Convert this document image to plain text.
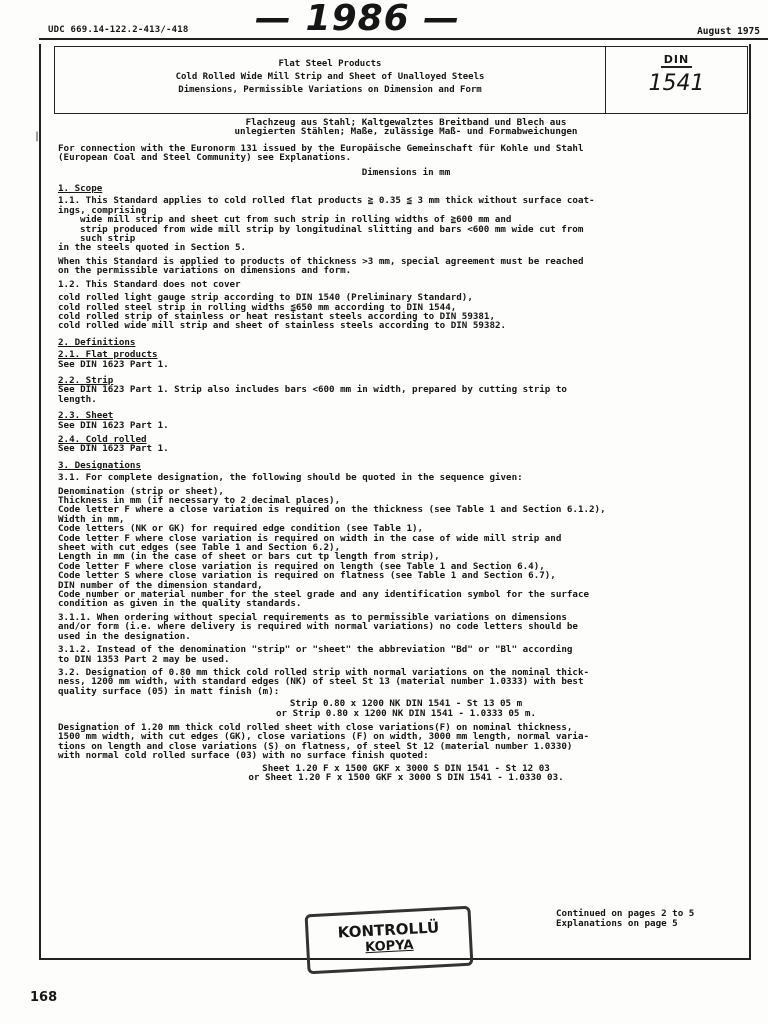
UDC 669.14-122.2-413/-418 — 1986 —	August 1975
Flat Steel Products
Cold Rolled Wide Mill Strip and Sheet of Unalloyed Steels
Dimensions, Permissible Variations on Dimension and Form
DIN
1541
|

Flachzeug aus Stahl; Kaltgewalztes Breitband und Blech aus

unlegierten Stählen; Maße, zulässige Maß- und Formabweichungen

For connection with the Euronorm 131 issued by the Europäische Gemeinschaft für Kohle und Stahl

(European Coal and Steel Community) see Explanations.

Dimensions in mm

1. Scope

1.1. This Standard applies to cold rolled flat products ≧ 0.35 ≦ 3 mm thick without surface coat-

ings, comprising

wide mill strip and sheet cut from such strip in rolling widths of ≧600 mm and

strip produced from wide mill strip by longitudinal slitting and bars <600 mm wide cut from

such strip

in the steels quoted in Section 5.

When this Standard is applied to products of thickness >3 mm, special agreement must be reached

on the permissible variations on dimensions and form.

1.2. This Standard does not cover

cold rolled light gauge strip according to DIN 1540 (Preliminary Standard),

cold rolled steel strip in rolling widths ≦650 mm according to DIN 1544,

cold rolled strip of stainless or heat resistant steels according to DIN 59381,

cold rolled wide mill strip and sheet of stainless steels according to DIN 59382.

2. Definitions

2.1. Flat products

See DIN 1623 Part 1.

2.2. Strip

See DIN 1623 Part 1. Strip also includes bars <600 mm in width, prepared by cutting strip to

length.

2.3. Sheet

See DIN 1623 Part 1.

2.4. Cold rolled

See DIN 1623 Part 1.

3. Designations

3.1. For complete designation, the following should be quoted in the sequence given:

Denomination (strip or sheet),

Thickness in mm (if necessary to 2 decimal places),

Code letter F where a close variation is required on the thickness (see Table 1 and Section 6.1.2),

Width in mm,

Code letters (NK or GK) for required edge condition (see Table 1),

Code letter F where close variation is required on width in the case of wide mill strip and

sheet with cut edges (see Table 1 and Section 6.2),

Length in mm (in the case of sheet or bars cut tp length from strip),

Code letter F where close variation is required on length (see Table 1 and Section 6.4),

Code letter S where close variation is required on flatness (see Table 1 and Section 6.7),

DIN number of the dimension standard,

Code number or material number for the steel grade and any identification symbol for the surface

condition as given in the quality standards.

3.1.1. When ordering without special requirements as to permissible variations on dimensions

and/or form (i.e. where delivery is required with normal variations) no code letters should be

used in the designation.

3.1.2. Instead of the denomination "strip" or "sheet" the abbreviation "Bd" or "Bl" according

to DIN 1353 Part 2 may be used.

3.2. Designation of 0.80 mm thick cold rolled strip with normal variations on the nominal thick-

ness, 1200 mm width, with standard edges (NK) of steel St 13 (material number 1.0333) with best

quality surface (05) in matt finish (m):

Strip 0.80 x 1200 NK DIN 1541 - St 13 05 m

or Strip 0.80 x 1200 NK DIN 1541 - 1.0333 05 m.

Designation of 1.20 mm thick cold rolled sheet with close variations(F) on nominal thickness,

1500 mm width, with cut edges (GK), close variations (F) on width, 3000 mm length, normal varia-

tions on length and close variations (S) on flatness, of steel St 12 (material number 1.0330)

with normal cold rolled surface (03) with no surface finish quoted:

Sheet 1.20 F x 1500 GKF x 3000 S DIN 1541 - St 12 03

or Sheet 1.20 F x 1500 GKF x 3000 S DIN 1541 - 1.0330 03.

Continued on pages 2 to 5
Explanations on page 5
KONTROLLÜ
KOPYA
168
